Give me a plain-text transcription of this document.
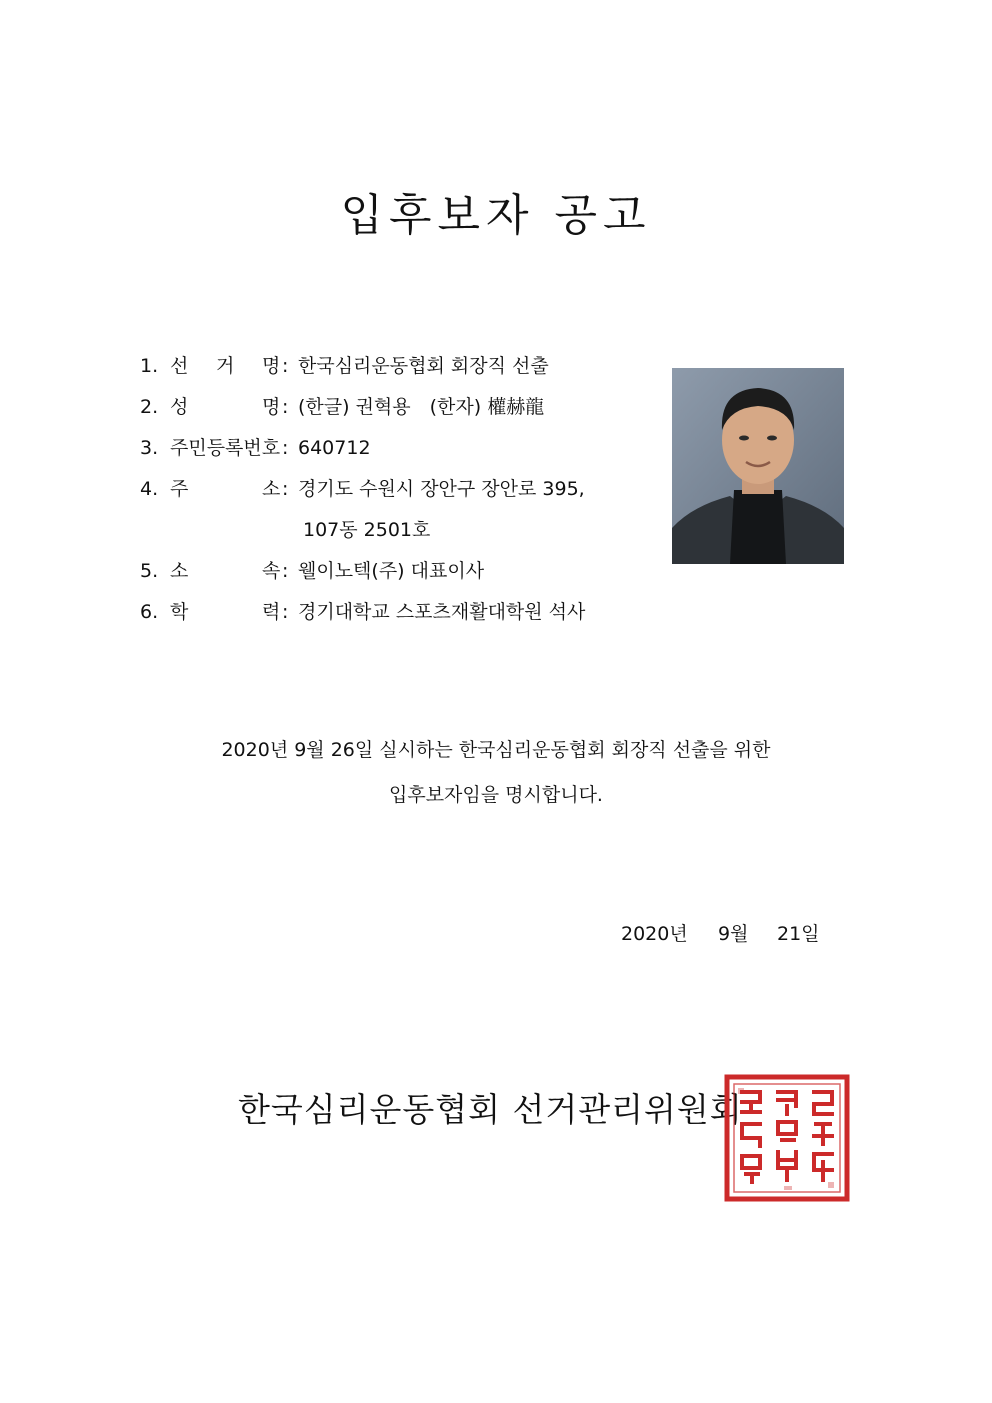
입후보자 공고
1. 선 거 명 : 한국심리운동협회 회장직 선출
2. 성	명 : (한글) 권혁용　(한자) 權赫龍
3. 주민등록번호 : 640712
4. 주	소 : 경기도 수원시 장안구 장안로 395,
107동 2501호
5. 소	속 : 웰이노텍(주) 대표이사
6. 학	력 : 경기대학교 스포츠재활대학원 석사
2020년 9월 26일 실시하는 한국심리운동협회 회장직 선출을 위한
입후보자임을 명시합니다.
2020년 9월 21일
한국심리운동협회 선거관리위원회
